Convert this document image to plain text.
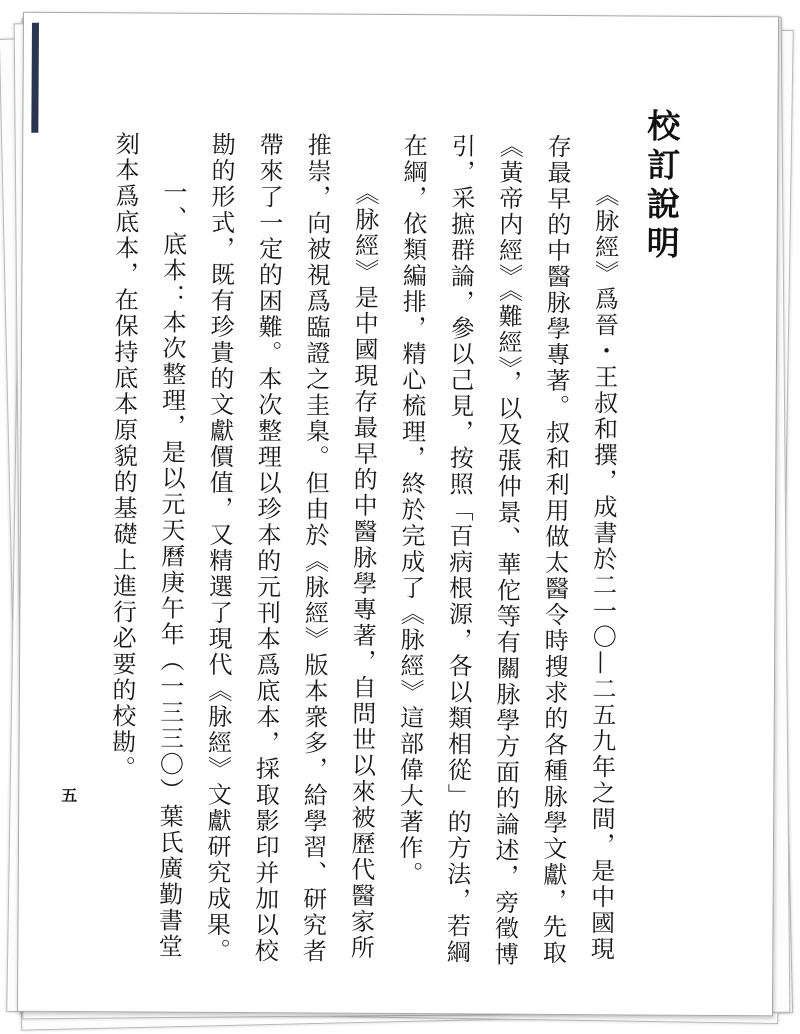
校訂說明

《脉經》爲晉・王叔和撰，成書於二一〇—二五九年之間，是中國現存最早的中醫脉學專著。叔和利用做太醫令時搜求的各種脉學文獻，先取《黃帝内經》《難經》，以及張仲景、華佗等有關脉學方面的論述，旁徵博引，采摭群論，參以己見，按照「百病根源，各以類相從」的方法，若綱在綱，依類編排，精心梳理，終於完成了《脉經》這部偉大著作。

《脉經》是中國現存最早的中醫脉學專著，自問世以來被歷代醫家所推崇，向被視爲臨證之圭臬。但由於《脉經》版本衆多，給學習、研究者帶來了一定的困難。本次整理以珍本的元刊本爲底本，採取影印并加以校勘的形式，既有珍貴的文獻價值，又精選了現代《脉經》文獻研究成果。

一、底本：本次整理，是以元天曆庚午年（一三三〇）葉氏廣勤書堂刻本爲底本，在保持底本原貌的基礎上進行必要的校勘。

五
